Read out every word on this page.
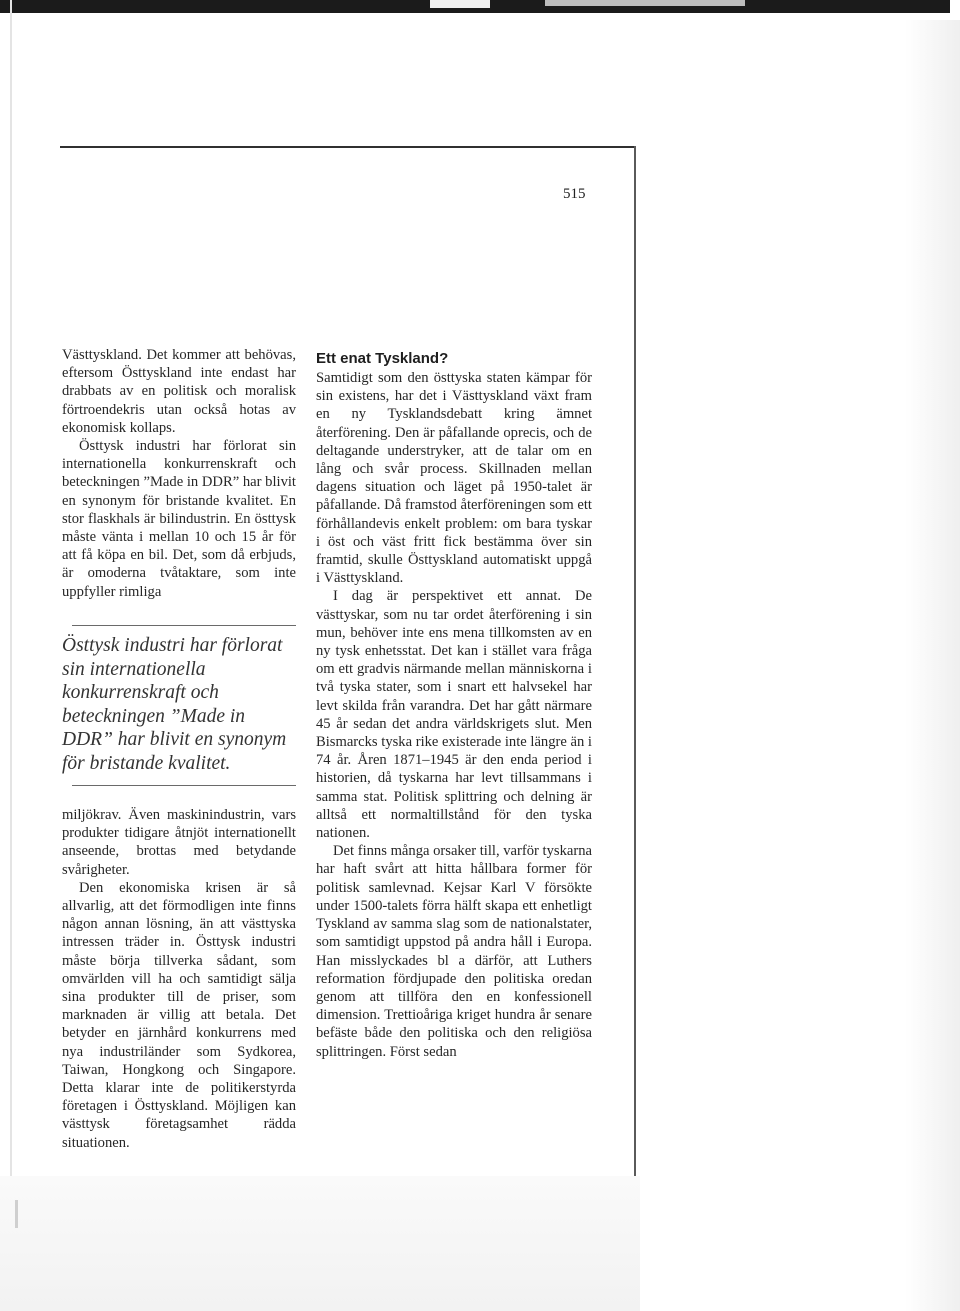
515

Västtyskland. Det kommer att behövas, eftersom Östtyskland inte endast har drabbats av en politisk och moralisk förtroendekris utan också hotas av ekonomisk kollaps.

Östtysk industri har förlorat sin internationella konkurrenskraft och beteckningen ”Made in DDR” har blivit en synonym för bristande kvalitet. En stor flaskhals är bilindustrin. En östtysk måste vänta i mellan 10 och 15 år för att få köpa en bil. Det, som då erbjuds, är omoderna tvåtaktare, som inte uppfyller rimliga

Östtysk industri har förlorat sin internationella konkurrenskraft och beteckningen ”Made in DDR” har blivit en synonym för bristande kvalitet.

miljökrav. Även maskinindustrin, vars produkter tidigare åtnjöt internationellt anseende, brottas med betydande svårigheter.

Den ekonomiska krisen är så allvarlig, att det förmodligen inte finns någon annan lösning, än att västtyska intressen träder in. Östtysk industri måste börja tillverka sådant, som omvärlden vill ha och samtidigt sälja sina produkter till de priser, som marknaden är villig att betala. Det betyder en järnhård konkurrens med nya industriländer som Sydkorea, Taiwan, Hongkong och Singapore. Detta klarar inte de politikerstyrda företagen i Östtyskland. Möjligen kan västtysk företagsamhet rädda situationen.

Ett enat Tyskland?

Samtidigt som den östtyska staten kämpar för sin existens, har det i Västtyskland växt fram en ny Tysklandsdebatt kring ämnet återförening. Den är påfallande oprecis, och de deltagande understryker, att de talar om en lång och svår process. Skillnaden mellan dagens situation och läget på 1950-talet är påfallande. Då framstod återföreningen som ett förhållandevis enkelt problem: om bara tyskar i öst och väst fritt fick bestämma över sin framtid, skulle Östtyskland automatiskt uppgå i Västtyskland.

I dag är perspektivet ett annat. De västtyskar, som nu tar ordet återförening i sin mun, behöver inte ens mena tillkomsten av en ny tysk enhetsstat. Det kan i stället vara fråga om ett gradvis närmande mellan människorna i två tyska stater, som i snart ett halvsekel har levt skilda från varandra. Det har gått närmare 45 år sedan det andra världskrigets slut. Men Bismarcks tyska rike existerade inte längre än i 74 år. Åren 1871–1945 är den enda period i historien, då tyskarna har levt tillsammans i samma stat. Politisk splittring och delning är alltså ett normaltillstånd för den tyska nationen.

Det finns många orsaker till, varför tyskarna har haft svårt att hitta hållbara former för politisk samlevnad. Kejsar Karl V försökte under 1500-talets förra hälft skapa ett enhetligt Tyskland av samma slag som de nationalstater, som samtidigt uppstod på andra håll i Europa. Han misslyckades bl a därför, att Luthers reformation fördjupade den politiska oredan genom att tillföra den en konfessionell dimension. Trettioåriga kriget hundra år senare befäste både den politiska och den religiösa splittringen. Först sedan
